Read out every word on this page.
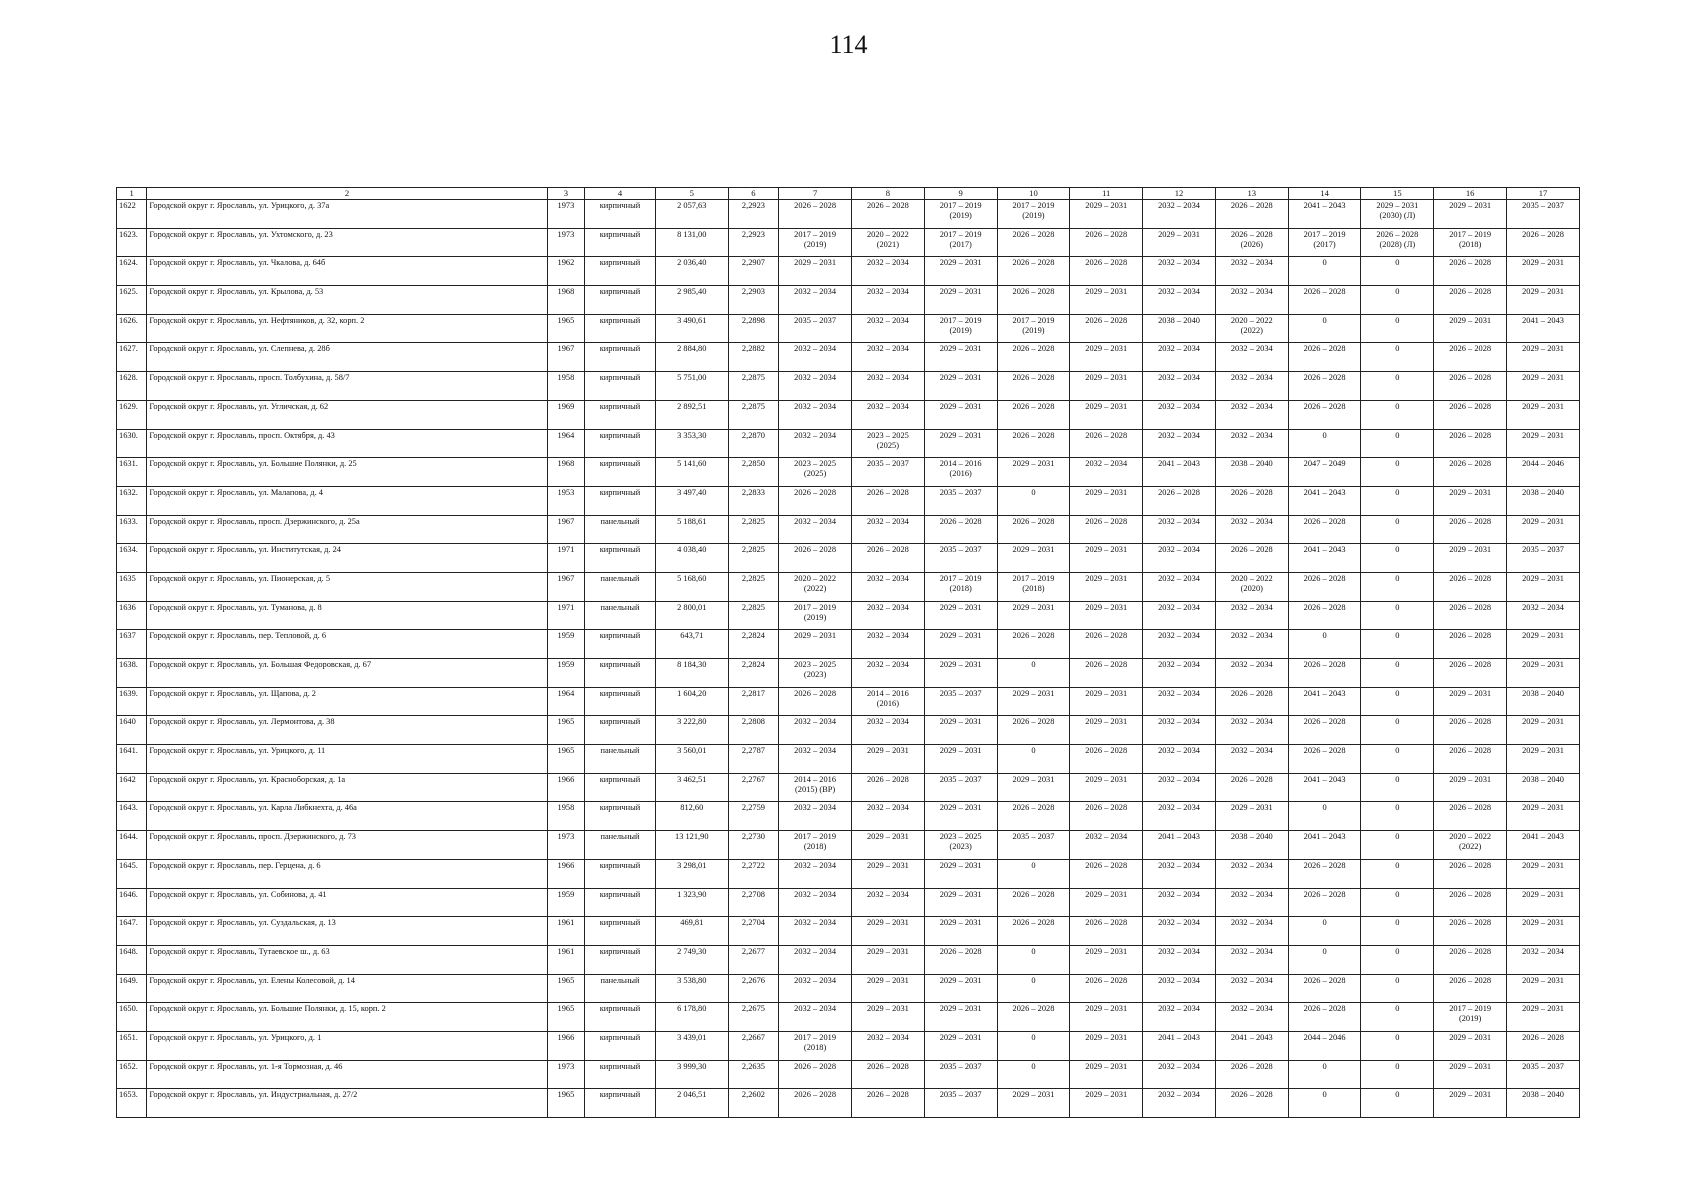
114
1	2	3	4	5	6	7	8	9	10	11	12	13	14	15	16	17

1622	Городской округ г. Ярославль, ул. Урицкого, д. 37а	1973	кирпичный	2 057,63	2,2923	2026 – 2028	2026 – 2028	2017 – 2019
(2019)	2017 – 2019
(2019)	2029 – 2031	2032 – 2034	2026 – 2028	2041 – 2043	2029 – 2031
(2030) (Л)	2029 – 2031	2035 – 2037

1623.	Городской округ г. Ярославль, ул. Ухтомского, д. 23	1973	кирпичный	8 131,00	2,2923	2017 – 2019
(2019)	2020 – 2022
(2021)	2017 – 2019
(2017)	2026 – 2028	2026 – 2028	2029 – 2031	2026 – 2028
(2026)	2017 – 2019
(2017)	2026 – 2028
(2028) (Л)	2017 – 2019
(2018)	2026 – 2028

1624.	Городской округ г. Ярославль, ул. Чкалова, д. 64б	1962	кирпичный	2 036,40	2,2907	2029 – 2031	2032 – 2034	2029 – 2031	2026 – 2028	2026 – 2028	2032 – 2034	2032 – 2034	0	0	2026 – 2028	2029 – 2031

1625.	Городской округ г. Ярославль, ул. Крылова, д. 53	1968	кирпичный	2 985,40	2,2903	2032 – 2034	2032 – 2034	2029 – 2031	2026 – 2028	2029 – 2031	2032 – 2034	2032 – 2034	2026 – 2028	0	2026 – 2028	2029 – 2031

1626.	Городской округ г. Ярославль, ул. Нефтяников, д. 32, корп. 2	1965	кирпичный	3 490,61	2,2898	2035 – 2037	2032 – 2034	2017 – 2019
(2019)	2017 – 2019
(2019)	2026 – 2028	2038 – 2040	2020 – 2022
(2022)	0	0	2029 – 2031	2041 – 2043

1627.	Городской округ г. Ярославль, ул. Слепнева, д. 28б	1967	кирпичный	2 884,80	2,2882	2032 – 2034	2032 – 2034	2029 – 2031	2026 – 2028	2029 – 2031	2032 – 2034	2032 – 2034	2026 – 2028	0	2026 – 2028	2029 – 2031

1628.	Городской округ г. Ярославль, просп. Толбухина, д. 58/7	1958	кирпичный	5 751,00	2,2875	2032 – 2034	2032 – 2034	2029 – 2031	2026 – 2028	2029 – 2031	2032 – 2034	2032 – 2034	2026 – 2028	0	2026 – 2028	2029 – 2031

1629.	Городской округ г. Ярославль, ул. Угличская, д. 62	1969	кирпичный	2 892,51	2,2875	2032 – 2034	2032 – 2034	2029 – 2031	2026 – 2028	2029 – 2031	2032 – 2034	2032 – 2034	2026 – 2028	0	2026 – 2028	2029 – 2031

1630.	Городской округ г. Ярославль, просп. Октября, д. 43	1964	кирпичный	3 353,30	2,2870	2032 – 2034	2023 – 2025
(2025)	2029 – 2031	2026 – 2028	2026 – 2028	2032 – 2034	2032 – 2034	0	0	2026 – 2028	2029 – 2031

1631.	Городской округ г. Ярославль, ул. Большие Полянки, д. 25	1968	кирпичный	5 141,60	2,2850	2023 – 2025
(2025)	2035 – 2037	2014 – 2016
(2016)	2029 – 2031	2032 – 2034	2041 – 2043	2038 – 2040	2047 – 2049	0	2026 – 2028	2044 – 2046

1632.	Городской округ г. Ярославль, ул. Малапова, д. 4	1953	кирпичный	3 497,40	2,2833	2026 – 2028	2026 – 2028	2035 – 2037	0	2029 – 2031	2026 – 2028	2026 – 2028	2041 – 2043	0	2029 – 2031	2038 – 2040

1633.	Городской округ г. Ярославль, просп. Дзержинского, д. 25а	1967	панельный	5 188,61	2,2825	2032 – 2034	2032 – 2034	2026 – 2028	2026 – 2028	2026 – 2028	2032 – 2034	2032 – 2034	2026 – 2028	0	2026 – 2028	2029 – 2031

1634.	Городской округ г. Ярославль, ул. Институтская, д. 24	1971	кирпичный	4 038,40	2,2825	2026 – 2028	2026 – 2028	2035 – 2037	2029 – 2031	2029 – 2031	2032 – 2034	2026 – 2028	2041 – 2043	0	2029 – 2031	2035 – 2037

1635	Городской округ г. Ярославль, ул. Пионерская, д. 5	1967	панельный	5 168,60	2,2825	2020 – 2022
(2022)	2032 – 2034	2017 – 2019
(2018)	2017 – 2019
(2018)	2029 – 2031	2032 – 2034	2020 – 2022
(2020)	2026 – 2028	0	2026 – 2028	2029 – 2031

1636	Городской округ г. Ярославль, ул. Туманова, д. 8	1971	панельный	2 800,01	2,2825	2017 – 2019
(2019)	2032 – 2034	2029 – 2031	2029 – 2031	2029 – 2031	2032 – 2034	2032 – 2034	2026 – 2028	0	2026 – 2028	2032 – 2034

1637	Городской округ г. Ярославль, пер. Тепловой, д. 6	1959	кирпичный	643,71	2,2824	2029 – 2031	2032 – 2034	2029 – 2031	2026 – 2028	2026 – 2028	2032 – 2034	2032 – 2034	0	0	2026 – 2028	2029 – 2031

1638.	Городской округ г. Ярославль, ул. Большая Федоровская, д. 67	1959	кирпичный	8 184,30	2,2824	2023 – 2025
(2023)	2032 – 2034	2029 – 2031	0	2026 – 2028	2032 – 2034	2032 – 2034	2026 – 2028	0	2026 – 2028	2029 – 2031

1639.	Городской округ г. Ярославль, ул. Щапова, д. 2	1964	кирпичный	1 604,20	2,2817	2026 – 2028	2014 – 2016
(2016)	2035 – 2037	2029 – 2031	2029 – 2031	2032 – 2034	2026 – 2028	2041 – 2043	0	2029 – 2031	2038 – 2040

1640	Городской округ г. Ярославль, ул. Лермонтова, д. 38	1965	кирпичный	3 222,80	2,2808	2032 – 2034	2032 – 2034	2029 – 2031	2026 – 2028	2029 – 2031	2032 – 2034	2032 – 2034	2026 – 2028	0	2026 – 2028	2029 – 2031

1641.	Городской округ г. Ярославль, ул. Урицкого, д. 11	1965	панельный	3 560,01	2,2787	2032 – 2034	2029 – 2031	2029 – 2031	0	2026 – 2028	2032 – 2034	2032 – 2034	2026 – 2028	0	2026 – 2028	2029 – 2031

1642	Городской округ г. Ярославль, ул. Красноборская, д. 1а	1966	кирпичный	3 462,51	2,2767	2014 – 2016
(2015) (ВР)	2026 – 2028	2035 – 2037	2029 – 2031	2029 – 2031	2032 – 2034	2026 – 2028	2041 – 2043	0	2029 – 2031	2038 – 2040

1643.	Городской округ г. Ярославль, ул. Карла Либкнехта, д. 46а	1958	кирпичный	812,60	2,2759	2032 – 2034	2032 – 2034	2029 – 2031	2026 – 2028	2026 – 2028	2032 – 2034	2029 – 2031	0	0	2026 – 2028	2029 – 2031

1644.	Городской округ г. Ярославль, просп. Дзержинского, д. 73	1973	панельный	13 121,90	2,2730	2017 – 2019
(2018)	2029 – 2031	2023 – 2025
(2023)	2035 – 2037	2032 – 2034	2041 – 2043	2038 – 2040	2041 – 2043	0	2020 – 2022
(2022)	2041 – 2043

1645.	Городской округ г. Ярославль, пер. Герцена, д. 6	1966	кирпичный	3 298,01	2,2722	2032 – 2034	2029 – 2031	2029 – 2031	0	2026 – 2028	2032 – 2034	2032 – 2034	2026 – 2028	0	2026 – 2028	2029 – 2031

1646.	Городской округ г. Ярославль, ул. Собинова, д. 41	1959	кирпичный	1 323,90	2,2708	2032 – 2034	2032 – 2034	2029 – 2031	2026 – 2028	2029 – 2031	2032 – 2034	2032 – 2034	2026 – 2028	0	2026 – 2028	2029 – 2031

1647.	Городской округ г. Ярославль, ул. Суздальская, д. 13	1961	кирпичный	469,81	2,2704	2032 – 2034	2029 – 2031	2029 – 2031	2026 – 2028	2026 – 2028	2032 – 2034	2032 – 2034	0	0	2026 – 2028	2029 – 2031

1648.	Городской округ г. Ярославль, Тутаевское ш., д. 63	1961	кирпичный	2 749,30	2,2677	2032 – 2034	2029 – 2031	2026 – 2028	0	2029 – 2031	2032 – 2034	2032 – 2034	0	0	2026 – 2028	2032 – 2034

1649.	Городской округ г. Ярославль, ул. Елены Колесовой, д. 14	1965	панельный	3 538,80	2,2676	2032 – 2034	2029 – 2031	2029 – 2031	0	2026 – 2028	2032 – 2034	2032 – 2034	2026 – 2028	0	2026 – 2028	2029 – 2031

1650.	Городской округ г. Ярославль, ул. Большие Полянки, д. 15, корп. 2	1965	кирпичный	6 178,80	2,2675	2032 – 2034	2029 – 2031	2029 – 2031	2026 – 2028	2029 – 2031	2032 – 2034	2032 – 2034	2026 – 2028	0	2017 – 2019
(2019)	2029 – 2031

1651.	Городской округ г. Ярославль, ул. Урицкого, д. 1	1966	кирпичный	3 439,01	2,2667	2017 – 2019
(2018)	2032 – 2034	2029 – 2031	0	2029 – 2031	2041 – 2043	2041 – 2043	2044 – 2046	0	2029 – 2031	2026 – 2028

1652.	Городской округ г. Ярославль, ул. 1-я Тормозная, д. 46	1973	кирпичный	3 999,30	2,2635	2026 – 2028	2026 – 2028	2035 – 2037	0	2029 – 2031	2032 – 2034	2026 – 2028	0	0	2029 – 2031	2035 – 2037

1653.	Городской округ г. Ярославль, ул. Индустриальная, д. 27/2	1965	кирпичный	2 046,51	2,2602	2026 – 2028	2026 – 2028	2035 – 2037	2029 – 2031	2029 – 2031	2032 – 2034	2026 – 2028	0	0	2029 – 2031	2038 – 2040
